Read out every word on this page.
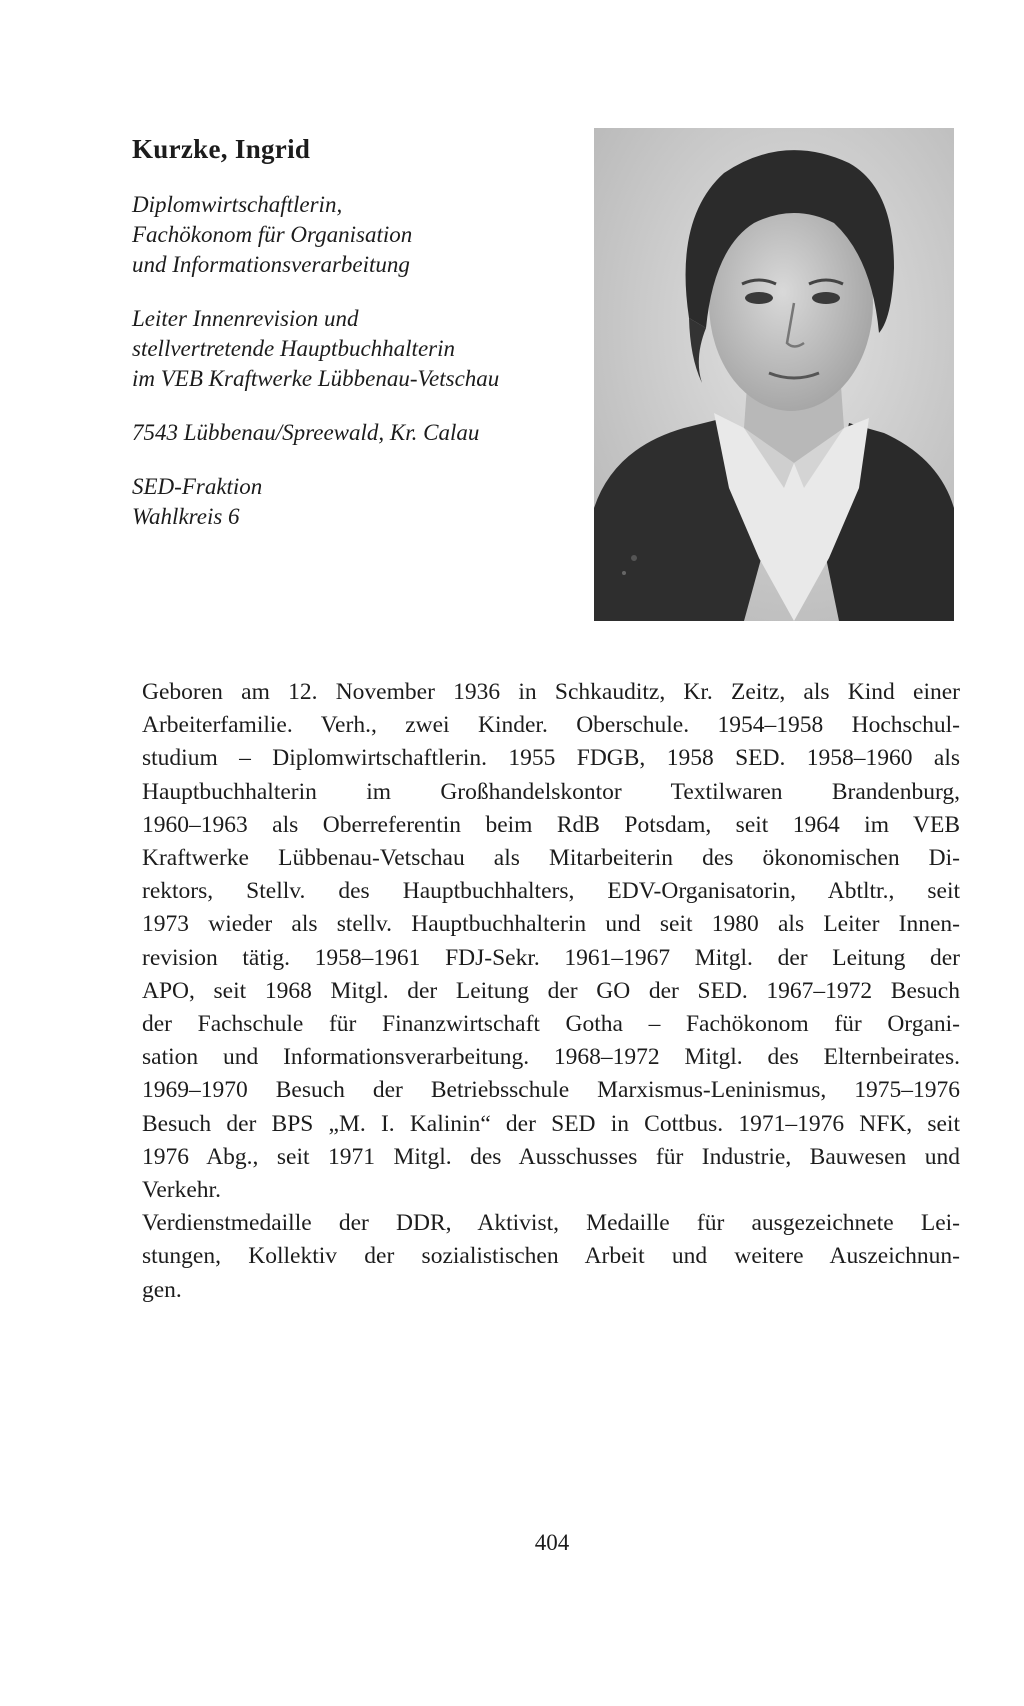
Kurzke, Ingrid
Diplomwirtschaftlerin,
Fachökonom für Organisation
und Informationsverarbeitung
Leiter Innenrevision und
stellvertretende Hauptbuchhalterin
im VEB Kraftwerke Lübbenau-Vetschau
7543 Lübbenau/Spreewald, Kr. Calau
SED-Fraktion
Wahlkreis 6
Geboren am 12. November 1936 in Schkauditz, Kr. Zeitz, als Kind einer
Arbeiterfamilie. Verh., zwei Kinder. Oberschule. 1954–1958 Hochschul-
studium – Diplomwirtschaftlerin. 1955 FDGB, 1958 SED. 1958–1960 als
Hauptbuchhalterin im Großhandelskontor Textilwaren Brandenburg,
1960–1963 als Oberreferentin beim RdB Potsdam, seit 1964 im VEB
Kraftwerke Lübbenau-Vetschau als Mitarbeiterin des ökonomischen Di-
rektors, Stellv. des Hauptbuchhalters, EDV-Organisatorin, Abtltr., seit
1973 wieder als stellv. Hauptbuchhalterin und seit 1980 als Leiter Innen-
revision tätig. 1958–1961 FDJ-Sekr. 1961–1967 Mitgl. der Leitung der
APO, seit 1968 Mitgl. der Leitung der GO der SED. 1967–1972 Besuch
der Fachschule für Finanzwirtschaft Gotha – Fachökonom für Organi-
sation und Informationsverarbeitung. 1968–1972 Mitgl. des Elternbeirates.
1969–1970 Besuch der Betriebsschule Marxismus-Leninismus, 1975–1976
Besuch der BPS „M. I. Kalinin“ der SED in Cottbus. 1971–1976 NFK, seit
1976 Abg., seit 1971 Mitgl. des Ausschusses für Industrie, Bauwesen und
Verkehr.
Verdienstmedaille der DDR, Aktivist, Medaille für ausgezeichnete Lei-
stungen, Kollektiv der sozialistischen Arbeit und weitere Auszeichnun-
gen.
404
